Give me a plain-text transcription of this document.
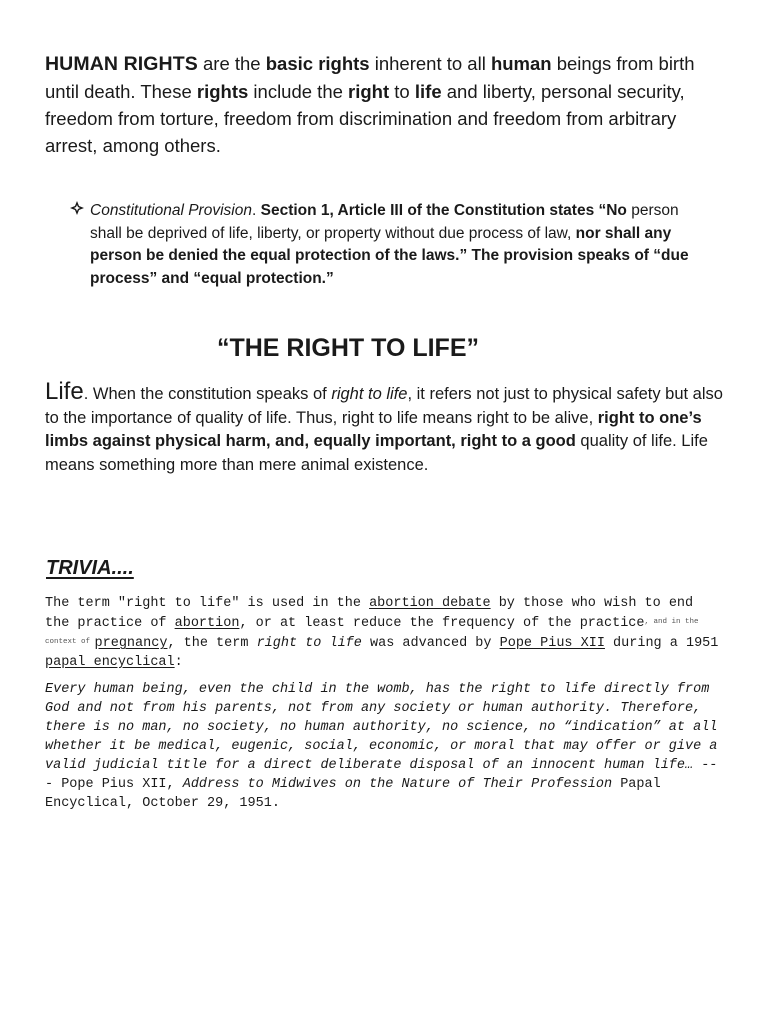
HUMAN RIGHTS are the basic rights inherent to all human beings from birth until death. These rights include the right to life and liberty, personal security, freedom from torture, freedom from discrimination and freedom from arbitrary arrest, among others.

Constitutional Provision. Section 1, Article III of the Constitution states “No person shall be deprived of life, liberty, or property without due process of law, nor shall any person be denied the equal protection of the laws.” The provision speaks of “due process” and “equal protection.”

“THE RIGHT TO LIFE”

Life. When the constitution speaks of right to life, it refers not just to physical safety but also to the importance of quality of life. Thus, right to life means right to be alive, right to one’s limbs against physical harm, and, equally important, right to a good quality of life. Life means something more than mere animal existence.

TRIVIA....

The term "right to life" is used in the abortion debate by those who wish to end the practice of abortion, or at least reduce the frequency of the practice$^{, and in the context of}$ pregnancy, the term right to life was advanced by Pope Pius XII during a 1951 papal encyclical:

Every human being, even the child in the womb, has the right to life directly from God and not from his parents, not from any society or human authority. Therefore, there is no man, no society, no human authority, no science, no “indication” at all whether it be medical, eugenic, social, economic, or moral that may offer or give a valid judicial title for a direct deliberate disposal of an innocent human life… --- Pope Pius XII, Address to Midwives on the Nature of Their Profession Papal Encyclical, October 29, 1951.
